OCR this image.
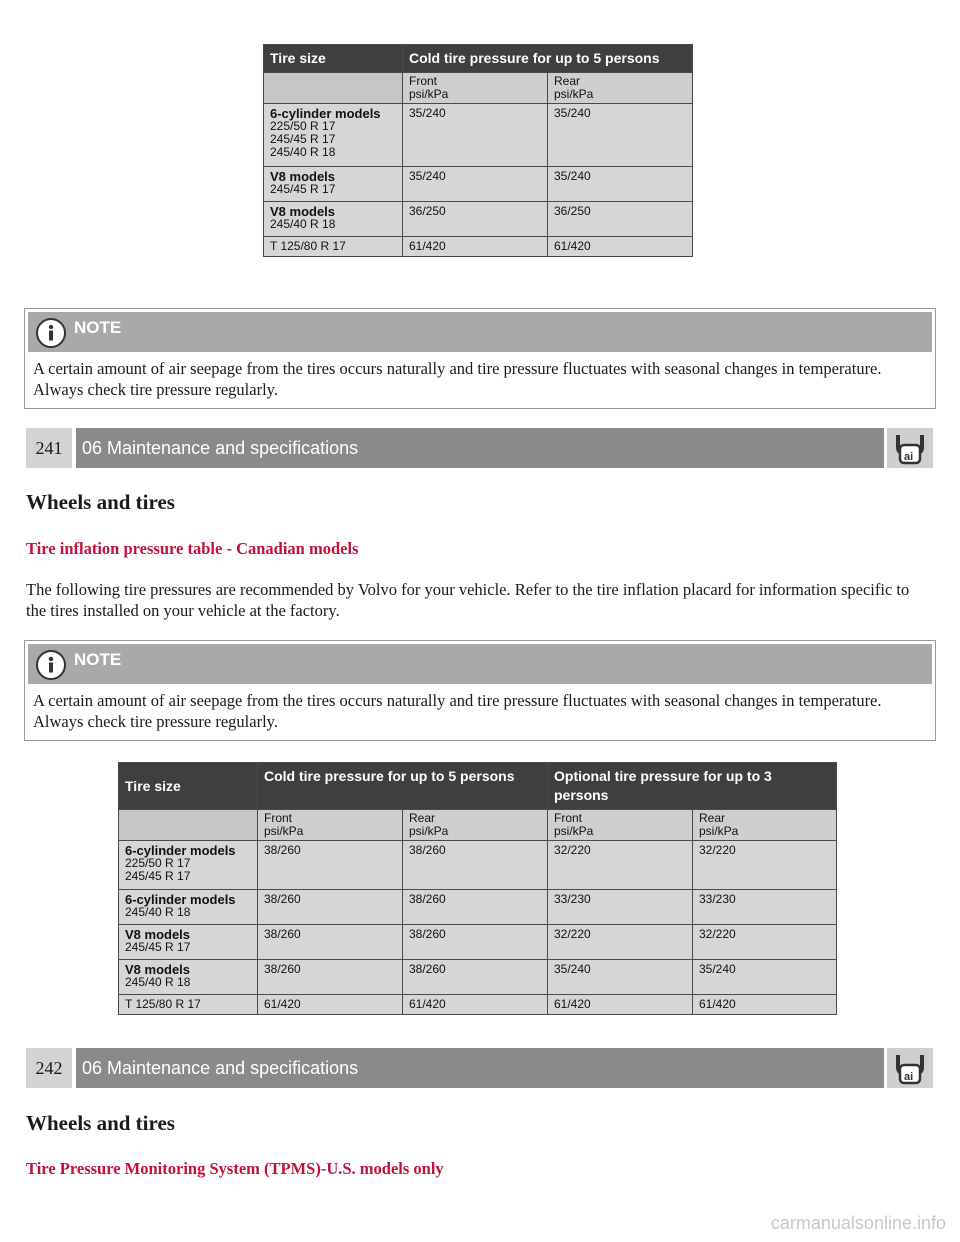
Tire size	Cold tire pressure for up to 5 persons	

	Front
psi/kPa	Rear
psi/kPa

6-cylinder models
225/50 R 17
245/45 R 17
245/40 R 18	35/240	35/240

V8 models
245/45 R 17	35/240	35/240

V8 models
245/40 R 18	36/250	36/250

T 125/80 R 17	61/420	61/420
NOTE
A certain amount of air seepage from the tires occurs naturally and tire pressure fluctuates with seasonal changes in temperature. Always check tire pressure regularly.
241	06 Maintenance and specifications	ai
Wheels and tires
Tire inflation pressure table - Canadian models
The following tire pressures are recommended by Volvo for your vehicle. Refer to the tire inflation placard for information specific to the tires installed on your vehicle at the factory.
NOTE
A certain amount of air seepage from the tires occurs naturally and tire pressure fluctuates with seasonal changes in temperature. Always check tire pressure regularly.
Tire size	Cold tire pressure for up to 5 persons		Optional tire pressure for up to 3 persons	

	Front
psi/kPa	Rear
psi/kPa	Front
psi/kPa	Rear
psi/kPa

6-cylinder models
225/50 R 17
245/45 R 17	38/260	38/260	32/220	32/220

6-cylinder models
245/40 R 18	38/260	38/260	33/230	33/230

V8 models
245/45 R 17	38/260	38/260	32/220	32/220

V8 models
245/40 R 18	38/260	38/260	35/240	35/240

T 125/80 R 17	61/420	61/420	61/420	61/420
242	06 Maintenance and specifications	ai
Wheels and tires
Tire Pressure Monitoring System (TPMS)-U.S. models only
carmanualsonline.info
